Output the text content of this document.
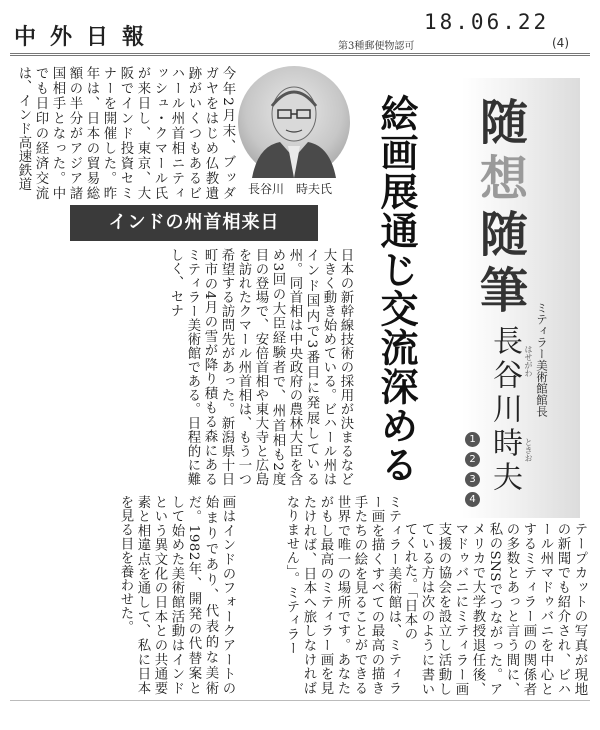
中外日報
18.06.22
第3種郵便物認可	(4)
今年2月末、ブッダガヤをはじめ仏教遺跡がいくつもあるビハール州首相ニティッシュ・クマール氏が来日し、東京、大阪でインド投資セミナーを開催した。昨年は、日本の貿易総額の半分がアジア諸国相手となった。中でも日印の経済交流は、インド高速鉄道	長谷川　時夫氏
インドの州首相来日
日本の新幹線技術の採用が決まるなど大きく動き始めている。ビハール州はインド国内で3番目に発展している州。同首相は中央政府の農林大臣を含め3回の大臣経験者で、州首相も2度目の登場で、安倍首相や東大寺と広島を訪れたクマール州首相は、もう一つ希望する訪問先があった。新潟県十日町市の4月の雪が降り積もる森にあるミティラー美術館である。日程的に難しく、セナ	絵画展通じ交流深める 随
想
随
筆
ミティラー美術館館長
はせがわ
長谷川時夫 ときお
1
2
3
4
画はインドのフォークアートの始まりであり、代表的な美術だ。1982年、開発の代替案として始めた美術館活動はインドという異文化の日本との共通要素と相違点を通して、私に日本を見る目を養わせた。	ミティラー美術館は、ミティラー画を描くすべての最高の描き手たちの絵を見ることができる世界で唯一の場所です。あなたがもし最高のミティラー画を見たければ、日本へ旅しなければなりません」。ミティラー	テープカットの写真が現地の新聞でも紹介され、ビハール州マドゥバニを中心とするミティラー画の関係者の多数とあっと言う間に、私のSNSでつながった。アメリカで大学教授退任後、マドゥバニにミティラー画支援の協会を設立し活動している方は次のように書いてくれた。「日本の
